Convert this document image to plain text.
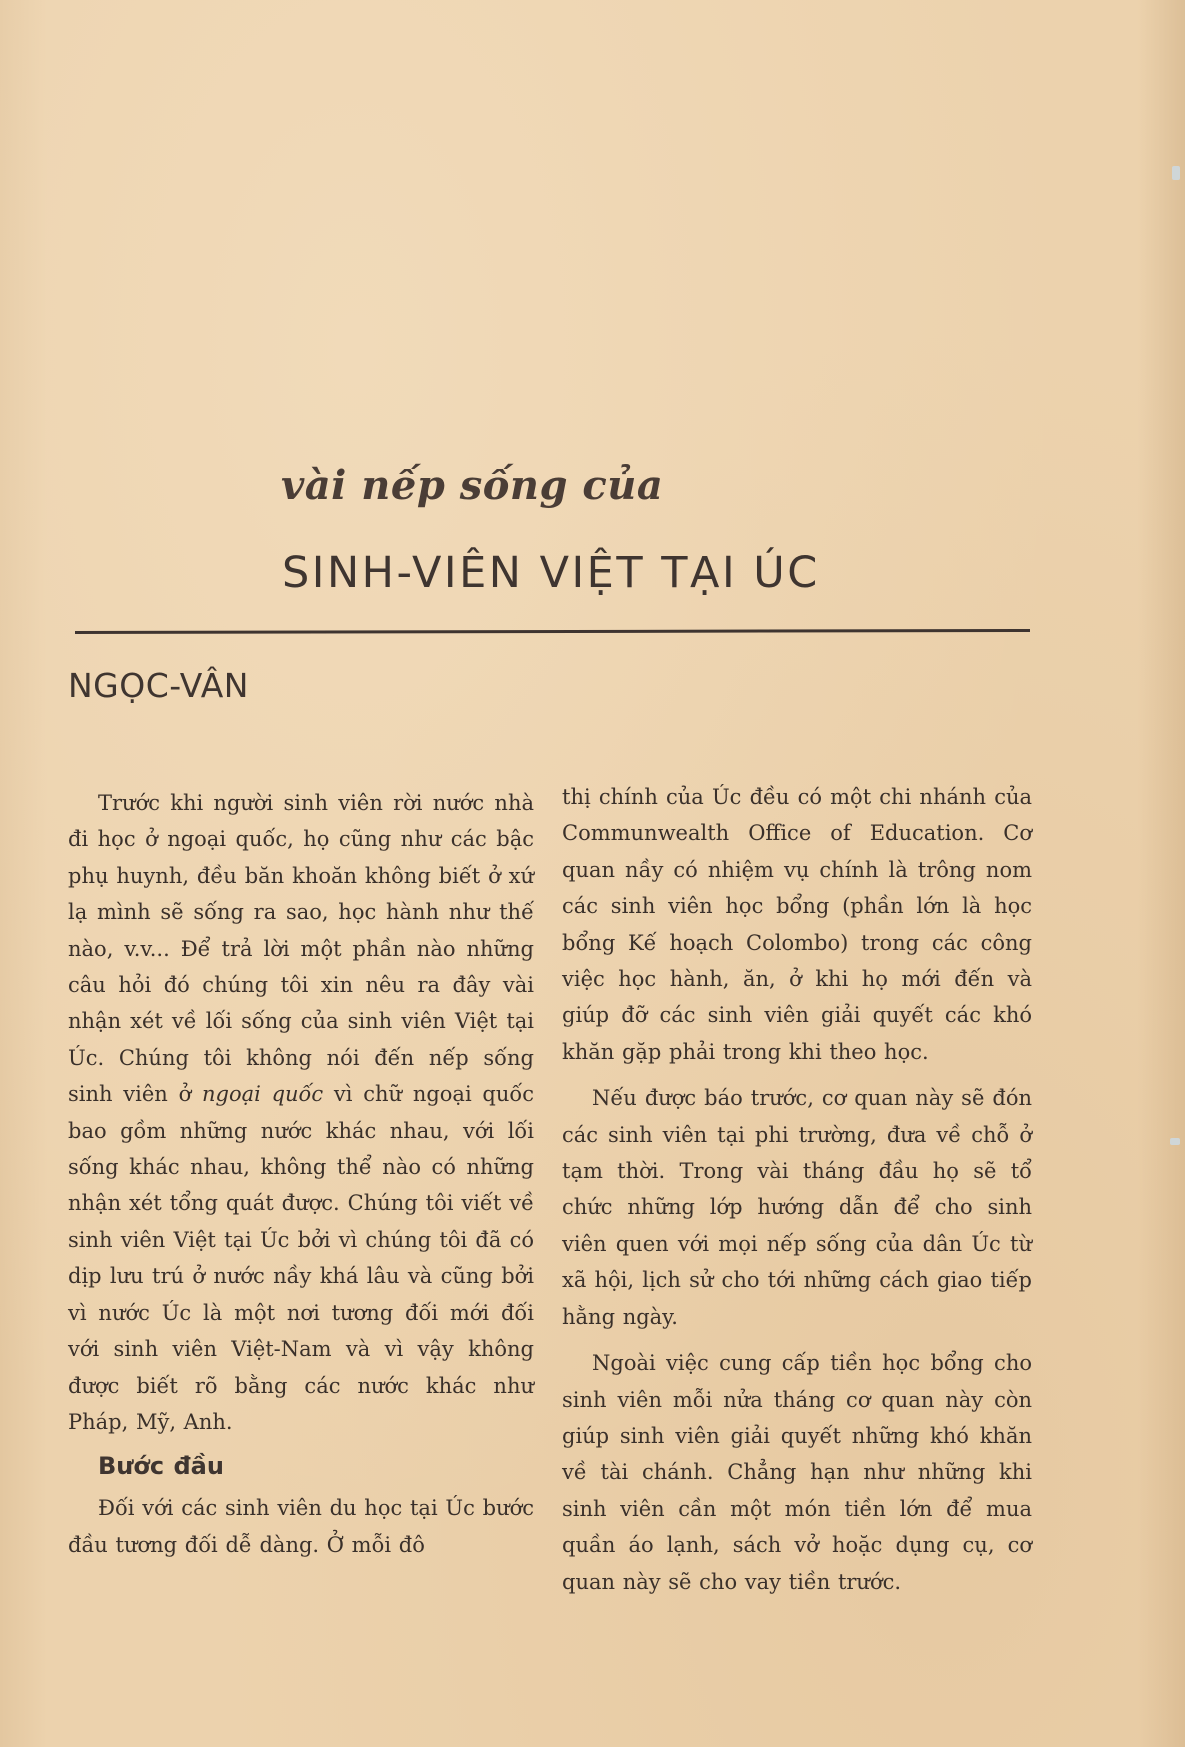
vài nếp sống của
SINH-VIÊN VIỆT TẠI ÚC
NGỌC-VÂN

Trước khi người sinh viên rời nước nhà đi học ở ngoại quốc, họ cũng như các bậc phụ huynh, đều băn khoăn không biết ở xứ lạ mình sẽ sống ra sao, học hành như thế nào, v.v... Để trả lời một phần nào những câu hỏi đó chúng tôi xin nêu ra đây vài nhận xét về lối sống của sinh viên Việt tại Úc. Chúng tôi không nói đến nếp sống sinh viên ở ngoại quốc vì chữ ngoại quốc bao gồm những nước khác nhau, với lối sống khác nhau, không thể nào có những nhận xét tổng quát được. Chúng tôi viết về sinh viên Việt tại Úc bởi vì chúng tôi đã có dịp lưu trú ở nước nầy khá lâu và cũng bởi vì nước Úc là một nơi tương đối mới đối với sinh viên Việt-Nam và vì vậy không được biết rõ bằng các nước khác như Pháp, Mỹ, Anh.

Bước đầu

Đối với các sinh viên du học tại Úc bước đầu tương đối dễ dàng. Ở mỗi đô

thị chính của Úc đều có một chi nhánh của Communwealth Office of Education. Cơ quan nầy có nhiệm vụ chính là trông nom các sinh viên học bổng (phần lớn là học bổng Kế hoạch Colombo) trong các công việc học hành, ăn, ở khi họ mới đến và giúp đỡ các sinh viên giải quyết các khó khăn gặp phải trong khi theo học.

Nếu được báo trước, cơ quan này sẽ đón các sinh viên tại phi trường, đưa về chỗ ở tạm thời. Trong vài tháng đầu họ sẽ tổ chức những lớp hướng dẫn để cho sinh viên quen với mọi nếp sống của dân Úc từ xã hội, lịch sử cho tới những cách giao tiếp hằng ngày.

Ngoài việc cung cấp tiền học bổng cho sinh viên mỗi nửa tháng cơ quan này còn giúp sinh viên giải quyết những khó khăn về tài chánh. Chẳng hạn như những khi sinh viên cần một món tiền lớn để mua quần áo lạnh, sách vở hoặc dụng cụ, cơ quan này sẽ cho vay tiền trước.
